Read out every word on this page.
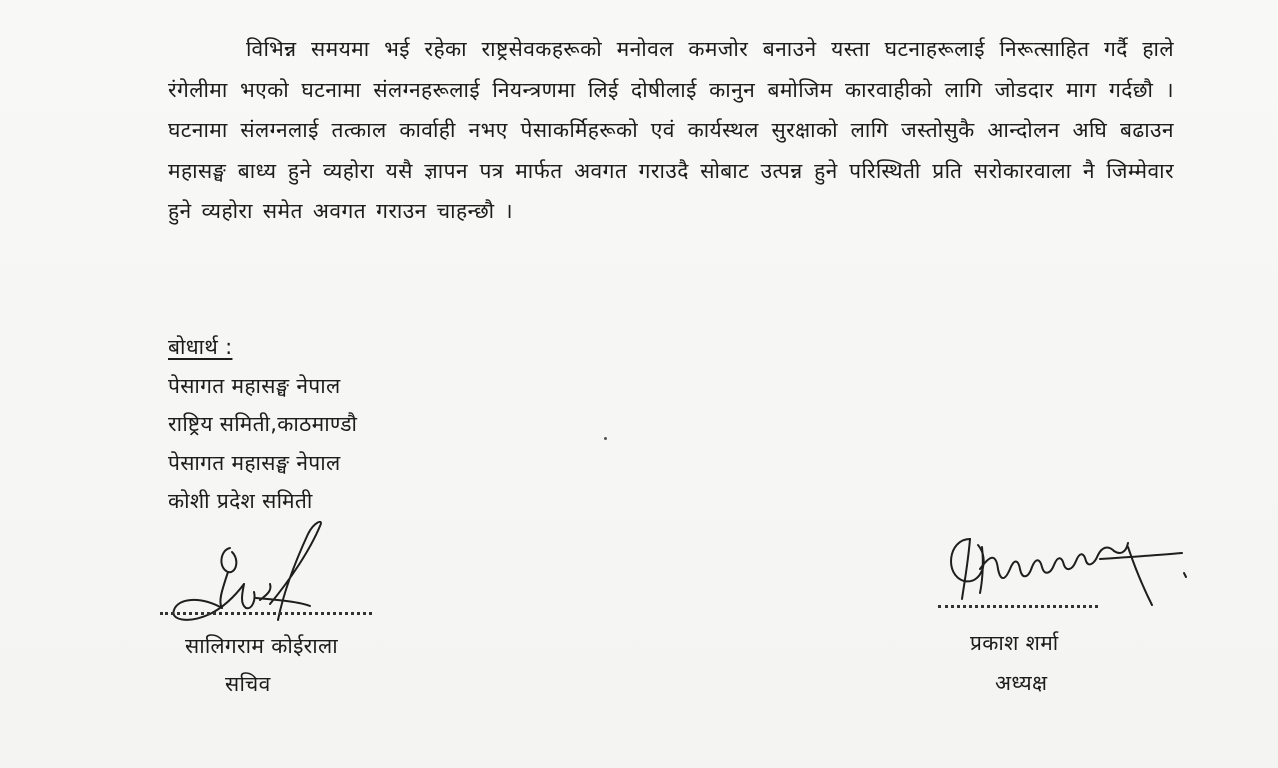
विभिन्न समयमा भई रहेका राष्ट्रसेवकहरूको मनोवल कमजोर बनाउने यस्ता घटनाहरूलाई निरूत्साहित गर्दै हाले रंगेलीमा भएको घटनामा संलग्नहरूलाई नियन्त्रणमा लिई दोषीलाई कानुन बमोजिम कारवाहीको लागि जोडदार माग गर्दछौ । घटनामा संलग्नलाई तत्काल कार्वाही नभए पेसाकर्मिहरूको एवं कार्यस्थल सुरक्षाको लागि जस्तोसुकै आन्दोलन अघि बढाउन महासङ्घ बाध्य हुने व्यहोरा यसै ज्ञापन पत्र मार्फत अवगत गराउदै सोबाट उत्पन्न हुने परिस्थिती प्रति सरोकारवाला नै जिम्मेवार हुने व्यहोरा समेत अवगत गराउन चाहन्छौ ।

बोधार्थ :
पेसागत महासङ्घ नेपाल
राष्ट्रिय समिती,काठमाण्डौ
पेसागत महासङ्घ नेपाल
कोशी प्रदेश समिती
सालिगराम कोईराला
सचिव
प्रकाश शर्मा
अध्यक्ष
